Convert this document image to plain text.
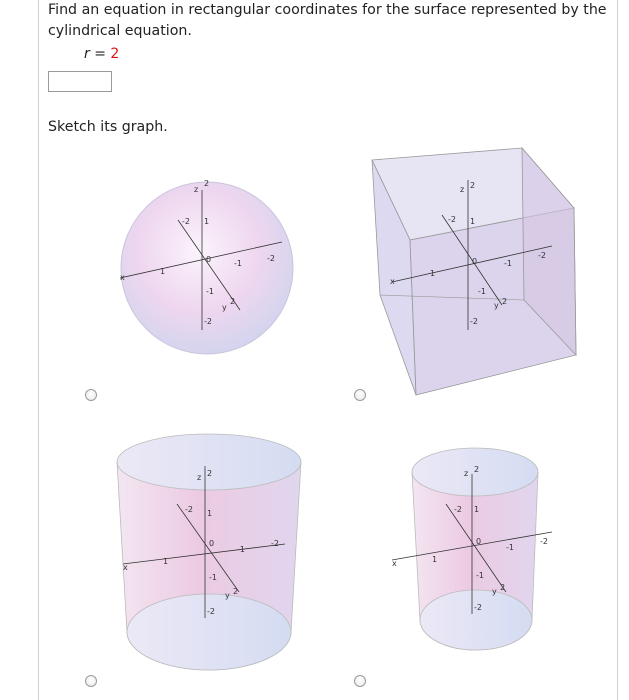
Find an equation in rectangular coordinates for the surface represented by the cylindrical equation.
r = 2
Sketch its graph.
z
2
1
-2
0	-1
-2
1
x
-1
y
2
-2
z 2
-2 1
0	-1
-2
1
x
-1
y 2
-2
z 2
-2 1
0
-1
-2
1
x
-1
y 2
-2
z 2
-2 1
0
-1
-2
1
x
-1
y 2
-2
